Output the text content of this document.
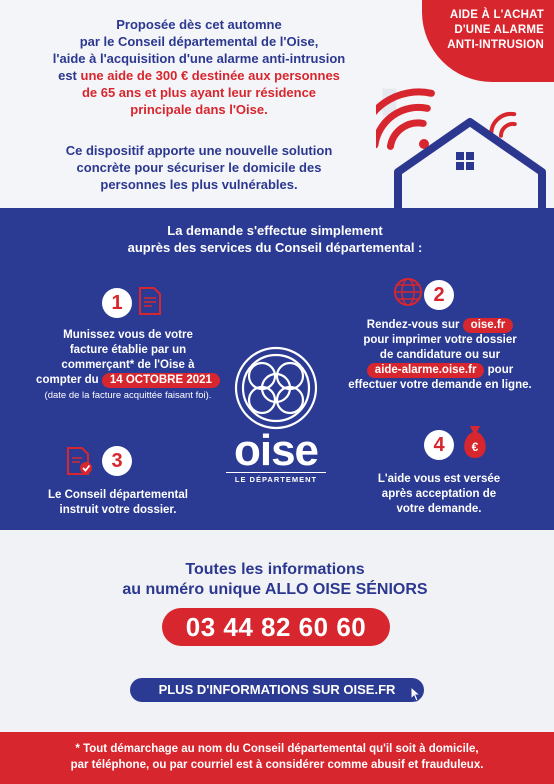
▮
AIDE À L'ACHAT
D'UNE ALARME
ANTI-INTRUSION
Proposée dès cet automne
par le Conseil départemental de l'Oise,
l'aide à l'acquisition d'une alarme anti-intrusion
est une aide de 300 € destinée aux personnes
de 65 ans et plus ayant leur résidence
principale dans l'Oise.
Ce dispositif apporte une nouvelle solution
concrète pour sécuriser le domicile des
personnes les plus vulnérables.
La demande s'effectue simplement
auprès des services du Conseil départemental :
1
Munissez vous de votre
facture établie par un
commerçant* de l'Oise à
compter du 14 OCTOBRE 2021
(date de la facture acquittée faisant foi).
2
Rendez-vous sur oise.fr
pour imprimer votre dossier
de candidature ou sur
aide-alarme.oise.fr pour
effectuer votre demande en ligne.
oise
LE DÉPARTEMENT
3
Le Conseil départemental
instruit votre dossier.
4	€
L'aide vous est versée
après acceptation de
votre demande.
Toutes les informations
au numéro unique ALLO OISE SÉNIORS
03 44 82 60 60
PLUS D'INFORMATIONS SUR OISE.FR
* Tout démarchage au nom du Conseil départemental qu'il soit à domicile,
par téléphone, ou par courriel est à considérer comme abusif et frauduleux.
